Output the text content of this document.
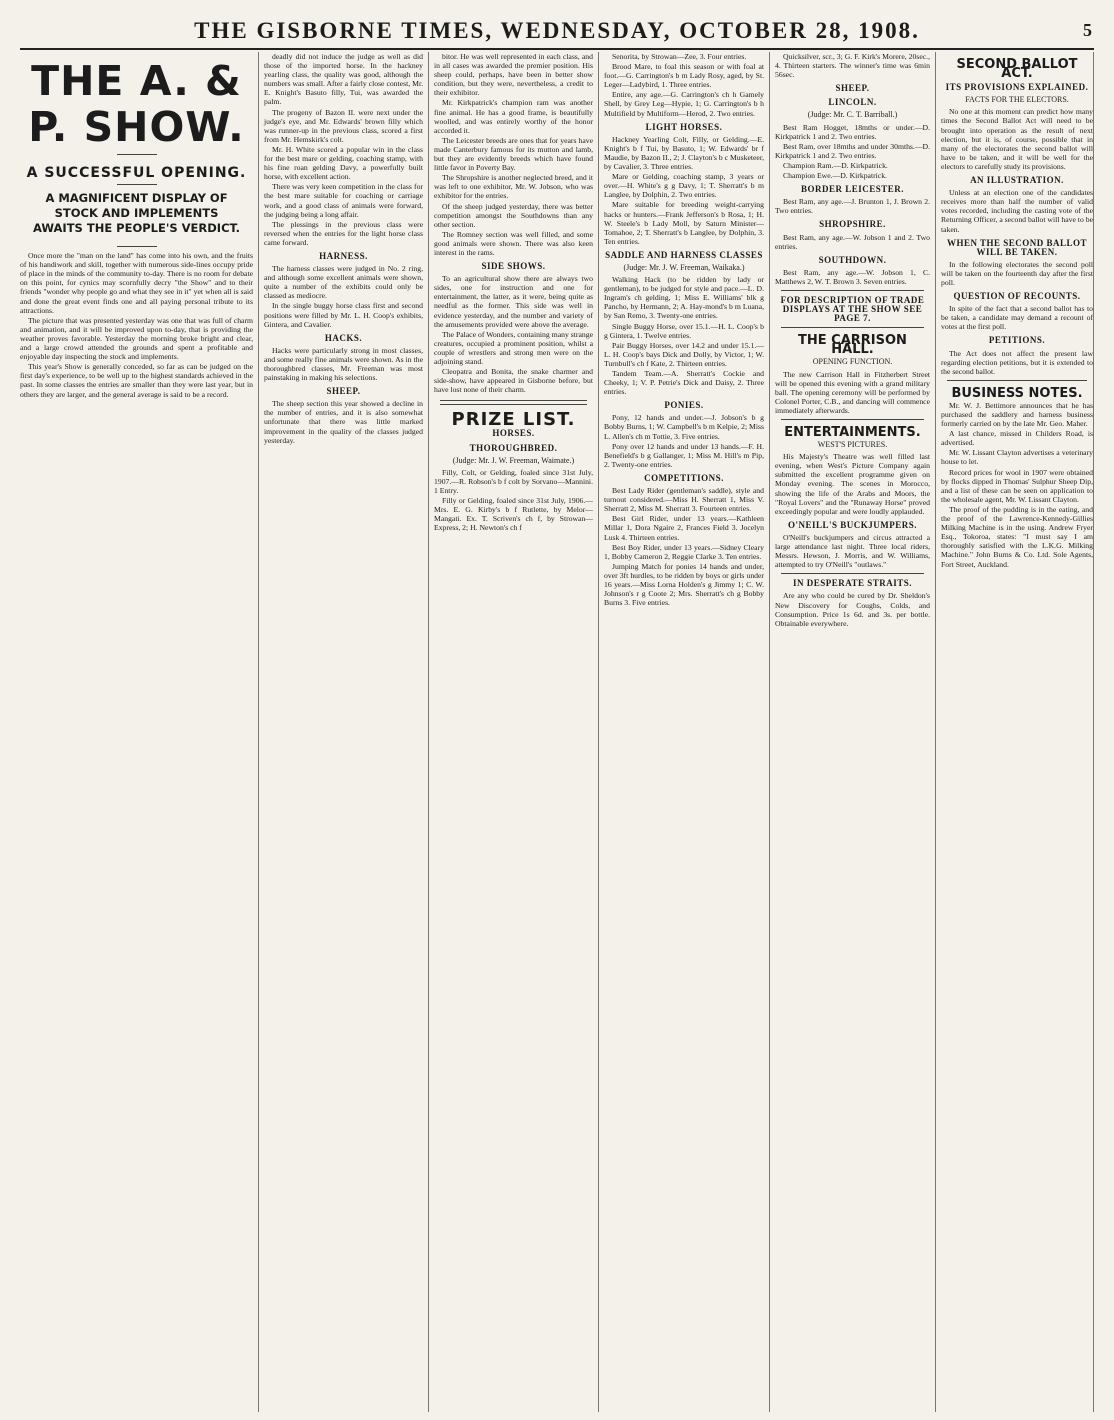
THE GISBORNE TIMES, WEDNESDAY, OCTOBER 28, 1908.	5
THE A. & P. SHOW.
A SUCCESSFUL OPENING.
A MAGNIFICENT DISPLAY OF STOCK AND IMPLEMENTS AWAITS THE PEOPLE'S VERDICT.

Once more the "man on the land" has come into his own, and the fruits of his handiwork and skill, together with numerous side-lines occupy pride of place in the minds of the community to-day. There is no room for debate on this point, for cynics may scornfully decry "the Show" and to their friends "wonder why people go and what they see in it" yet when all is said and done the great event finds one and all paying personal tribute to its attractions.

The picture that was presented yesterday was one that was full of charm and animation, and it will be improved upon to-day, that is providing the weather proves favorable. Yesterday the morning broke bright and clear, and a large crowd attended the grounds and spent a profitable and enjoyable day inspecting the stock and implements.

This year's Show is generally conceded, so far as can be judged on the first day's experience, to be well up to the highest standards achieved in the past. In some classes the entries are smaller than they were last year, but in others they are larger, and the general average is said to be a record.

deadly did not induce the judge as well as did those of the imported horse. In the hackney yearling class, the quality was good, although the numbers was small. After a fairly close contest, Mr. E. Knight's Basuto filly, Tui, was awarded the palm.

The progeny of Bazon II. were next under the judge's eye, and Mr. Edwards' brown filly which was runner-up in the previous class, scored a first from Mr. Hemskirk's colt.

Mr. H. White scored a popular win in the class for the best mare or gelding, coaching stamp, with his fine roan gelding Davy, a powerfully built horse, with excellent action.

There was very keen competition in the class for the best mare suitable for coaching or carriage work, and a good class of animals were forward, the judging being a long affair.

The plessings in the previous class were reversed when the entries for the light horse class came forward.

HARNESS.

The harness classes were judged in No. 2 ring, and although some excellent animals were shown, quite a number of the exhibits could only be classed as mediocre.

In the single buggy horse class first and second positions were filled by Mr. L. H. Coop's exhibits, Gintera, and Cavalier.

HACKS.

Hacks were particularly strong in most classes, and some really fine animals were shown. As in the thoroughbred classes, Mr. Freeman was most painstaking in making his selections.

SHEEP.

The sheep section this year showed a decline in the number of entries, and it is also somewhat unfortunate that there was little marked improvement in the quality of the classes judged yesterday.

bitor. He was well represented in each class, and in all cases was awarded the premier position. His sheep could, perhaps, have been in better show condition, but they were, nevertheless, a credit to their exhibitor.

Mr. Kirkpatrick's champion ram was another fine animal. He has a good frame, is beautifully woolled, and was entirely worthy of the honor accorded it.

The Leicester breeds are ones that for years have made Canterbury famous for its mutton and lamb, but they are evidently breeds which have found little favor in Poverty Bay.

The Shropshire is another neglected breed, and it was left to one exhibitor, Mr. W. Jobson, who was exhibitor for the entries.

Of the sheep judged yesterday, there was better competition amongst the Southdowns than any other section.

The Romney section was well filled, and some good animals were shown. There was also keen interest in the rams.

SIDE SHOWS.

To an agricultural show there are always two sides, one for instruction and one for entertainment, the latter, as it were, being quite as needful as the former. This side was well in evidence yesterday, and the number and variety of the amusements provided were above the average.

The Palace of Wonders, containing many strange creatures, occupied a prominent position, whilst a couple of wrestlers and strong men were on the adjoining stand.

Cleopatra and Bonita, the snake charmer and side-show, have appeared in Gisborne before, but have lost none of their charm.

PRIZE LIST.
HORSES.
THOROUGHBRED.
(Judge: Mr. J. W. Freeman, Waimate.)

Filly, Colt, or Gelding, foaled since 31st July, 1907.—R. Robson's b f colt by Sorvano—Mannini. 1 Entry.

Filly or Gelding, foaled since 31st July, 1906.—Mrs. E. G. Kirby's b f Rutlette, by Melor—Mangati. Ex. T. Scriven's ch f, by Strowan—Express, 2; H. Newton's ch f

Senorita, by Strowan—Zee, 3. Four entries.

Brood Mare, to foal this season or with foal at foot.—G. Carrington's b m Lady Rosy, aged, by St. Leger—Ladybird, 1. Three entries.

Entire, any age.—G. Carrington's ch h Gamely Shell, by Grey Leg—Hypie, 1; G. Carrington's b h Multifield by Multiform—Herod, 2. Two entries.

LIGHT HORSES.

Hackney Yearling Colt, Filly, or Gelding.—E. Knight's b f Tui, by Basuto, 1; W. Edwards' br f Maudie, by Bazon II., 2; J. Clayton's b c Musketeer, by Cavalier, 3. Three entries.

Mare or Gelding, coaching stamp, 3 years or over.—H. White's g g Davy, 1; T. Sherratt's b m Langlee, by Dolphin, 2. Two entries.

Mare suitable for breeding weight-carrying hacks or hunters.—Frank Jefferson's b Rosa, 1; H. W. Steele's b Lady Moll, by Saturn Minister—Tomahoe, 2; T. Sherratt's b Langlee, by Dolphin, 3. Ten entries.

SADDLE AND HARNESS CLASSES
(Judge: Mr. J. W. Freeman, Waikaka.)

Walking Hack (to be ridden by lady or gentleman), to be judged for style and pace.—L. D. Ingram's ch gelding, 1; Miss E. Williams' blk g Pancho, by Hermann, 2; A. Hay-mond's b m Luana, by San Remo, 3. Twenty-one entries.

Single Buggy Horse, over 15.1.—H. L. Coop's b g Gintera, 1. Twelve entries.

Pair Buggy Horses, over 14.2 and under 15.1.—L. H. Coop's bays Dick and Dolly, by Victor, 1; W. Turnbull's ch f Kate, 2. Thirteen entries.

Tandem Team.—A. Sherratt's Cockie and Cheeky, 1; V. P. Petrie's Dick and Daisy, 2. Three entries.

PONIES.

Pony, 12 hands and under.—J. Jobson's b g Bobby Burns, 1; W. Campbell's b m Kelpie, 2; Miss L. Allen's ch m Tottie, 3. Five entries.

Pony over 12 hands and under 13 hands.—F. H. Benefield's b g Gallanger, 1; Miss M. Hill's m Pip, 2. Twenty-one entries.

COMPETITIONS.

Best Lady Rider (gentleman's saddle), style and turnout considered.—Miss H. Sherratt 1, Miss V. Sherratt 2, Miss M. Sherratt 3. Fourteen entries.

Best Girl Rider, under 13 years.—Kathleen Millar 1, Dora Ngaire 2, Frances Field 3. Jocelyn Lusk 4. Thirteen entries.

Best Boy Rider, under 13 years.—Sidney Cleary 1, Bobby Cameron 2, Reggie Clarke 3. Ten entries.

Jumping Match for ponies 14 hands and under, over 3ft hurdles, to be ridden by boys or girls under 16 years.—Miss Lorna Holden's g Jimmy 1; C. W. Johnson's r g Coote 2; Mrs. Sherratt's ch g Bobby Burns 3. Five entries.

Quicksilver, scr., 3; G. F. Kirk's Morere, 20sec., 4. Thirteen starters. The winner's time was 6min 56sec.

SHEEP.
LINCOLN.
(Judge: Mr. C. T. Barriball.)

Best Ram Hogget, 18mths or under.—D. Kirkpatrick 1 and 2. Two entries.

Best Ram, over 18mths and under 30mths.—D. Kirkpatrick 1 and 2. Two entries.

Champion Ram.—D. Kirkpatrick.

Champion Ewe.—D. Kirkpatrick.

BORDER LEICESTER.

Best Ram, any age.—J. Brunton 1, J. Brown 2. Two entries.

SHROPSHIRE.

Best Ram, any age.—W. Jobson 1 and 2. Two entries.

SOUTHDOWN.

Best Ram, any age.—W. Jobson 1, C. Matthews 2, W. T. Brown 3. Seven entries.

FOR DESCRIPTION OF TRADE DISPLAYS AT THE SHOW SEE PAGE 7.
THE CARRISON HALL.
OPENING FUNCTION.

The new Carrison Hall in Fitzherbert Street will be opened this evening with a grand military ball. The opening ceremony will be performed by Colonel Porter, C.B., and dancing will commence immediately afterwards.

ENTERTAINMENTS.
WEST'S PICTURES.

His Majesty's Theatre was well filled last evening, when West's Picture Company again submitted the excellent programme given on Monday evening. The scenes in Morocco, showing the life of the Arabs and Moors, the "Royal Lovers" and the "Runaway Horse" proved exceedingly popular and were loudly applauded.

O'NEILL'S BUCKJUMPERS.

O'Neill's buckjumpers and circus attracted a large attendance last night. Three local riders, Messrs. Hewson, J. Morris, and W. Williams, attempted to try O'Neill's "outlaws."

IN DESPERATE STRAITS.

Are any who could be cured by Dr. Sheldon's New Discovery for Coughs, Colds, and Consumption. Price 1s 6d. and 3s. per bottle. Obtainable everywhere.

SECOND BALLOT ACT.
ITS PROVISIONS EXPLAINED.
FACTS FOR THE ELECTORS.

No one at this moment can predict how many times the Second Ballot Act will need to be brought into operation as the result of next election, but it is, of course, possible that in many of the electorates the second ballot will have to be taken, and it will be well for the electors to carefully study its provisions.

AN ILLUSTRATION.

Unless at an election one of the candidates receives more than half the number of valid votes recorded, including the casting vote of the Returning Officer, a second ballot will have to be taken.

WHEN THE SECOND BALLOT WILL BE TAKEN.

In the following electorates the second poll will be taken on the fourteenth day after the first poll.

QUESTION OF RECOUNTS.

In spite of the fact that a second ballot has to be taken, a candidate may demand a recount of votes at the first poll.

PETITIONS.

The Act does not affect the present law regarding election petitions, but it is extended to the second ballot.

BUSINESS NOTES.

Mr. W. J. Bettimore announces that he has purchased the saddlery and harness business formerly carried on by the late Mr. Geo. Maher.

A last chance, missed in Childers Road, is advertised.

Mr. W. Lissant Clayton advertises a veterinary house to let.

Record prices for wool in 1907 were obtained by flocks dipped in Thomas' Sulphur Sheep Dip, and a list of these can be seen on application to the wholesale agent, Mr. W. Lissant Clayton.

The proof of the pudding is in the eating, and the proof of the Lawrence-Kennedy-Gillies Milking Machine is in the using. Andrew Fryer Esq., Tokoroa, states: "I must say I am thoroughly satisfied with the L.K.G. Milking Machine." John Burns & Co. Ltd. Sole Agents, Fort Street, Auckland.
